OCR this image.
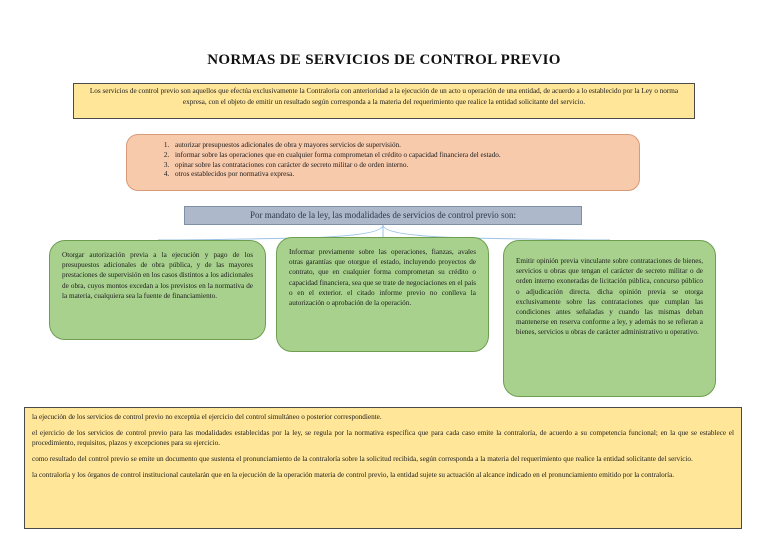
NORMAS DE SERVICIOS DE CONTROL PREVIO
Los servicios de control previo son aquellos que efectúa exclusivamente la Contraloría con anterioridad a la ejecución de un acto u operación de una entidad, de acuerdo a lo establecido por la Ley o norma expresa, con el objeto de emitir un resultado según corresponda a la materia del requerimiento que realice la entidad solicitante del servicio.
1. autorizar presupuestos adicionales de obra y mayores servicios de supervisión.
2. informar sobre las operaciones que en cualquier forma comprometan el crédito o capacidad financiera del estado.
3. opinar sobre las contrataciones con carácter de secreto militar o de orden interno.
4. otros establecidos por normativa expresa.
Por mandato de la ley, las modalidades de servicios de control previo son:
Otorgar autorización previa a la ejecución y pago de los presupuestos adicionales de obra pública, y de las mayores prestaciones de supervisión en los casos distintos a los adicionales de obra, cuyos montos excedan a los previstos en la normativa de la materia, cualquiera sea la fuente de financiamiento.
Informar previamente sobre las operaciones, fianzas, avales otras garantías que otorgue el estado, incluyendo proyectos de contrato, que en cualquier forma comprometan su crédito o capacidad financiera, sea que se trate de negociaciones en el país o en el exterior. el citado informe previo no conlleva la autorización o aprobación de la operación.
Emitir opinión previa vinculante sobre contrataciones de bienes, servicios u obras que tengan el carácter de secreto militar o de orden interno exoneradas de licitación pública, concurso público o adjudicación directa. dicha opinión previa se otorga exclusivamente sobre las contrataciones que cumplan las condiciones antes señaladas y cuando las mismas deban mantenerse en reserva conforme a ley, y además no se refieran a bienes, servicios u obras de carácter administrativo u operativo.

la ejecución de los servicios de control previo no exceptúa el ejercicio del control simultáneo o posterior correspondiente.

el ejercicio de los servicios de control previo para las modalidades establecidas por la ley, se regula por la normativa específica que para cada caso emite la contraloría, de acuerdo a su competencia funcional; en la que se establece el procedimiento, requisitos, plazos y excepciones para su ejercicio.

como resultado del control previo se emite un documento que sustenta el pronunciamiento de la contraloría sobre la solicitud recibida, según corresponda a la materia del requerimiento que realice la entidad solicitante del servicio.

la contraloría y los órganos de control institucional cautelarán que en la ejecución de la operación materia de control previo, la entidad sujete su actuación al alcance indicado en el pronunciamiento emitido por la contraloría.
